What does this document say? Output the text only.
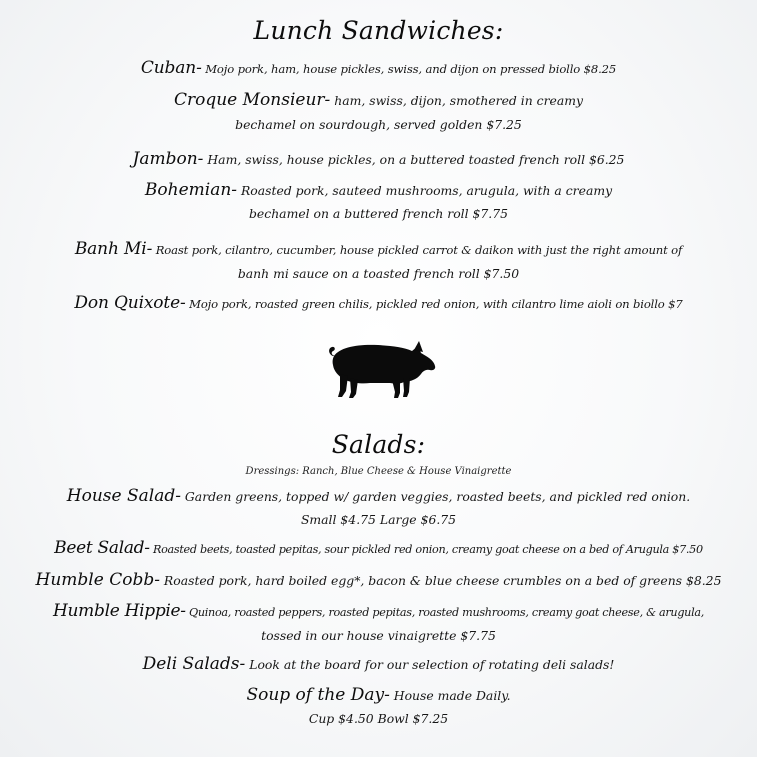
Lunch Sandwiches:
Cuban- Mojo pork, ham, house pickles, swiss, and dijon on pressed biollo $8.25
Croque Monsieur- ham, swiss, dijon, smothered in creamy
bechamel on sourdough, served golden $7.25
Jambon- Ham, swiss, house pickles, on a buttered toasted french roll $6.25
Bohemian- Roasted pork, sauteed mushrooms, arugula, with a creamy
bechamel on a buttered french roll $7.75
Banh Mi- Roast pork, cilantro, cucumber, house pickled carrot & daikon with just the right amount of
banh mi sauce on a toasted french roll $7.50
Don Quixote- Mojo pork, roasted green chilis, pickled red onion, with cilantro lime aioli on biollo $7
Salads:
Dressings: Ranch, Blue Cheese & House Vinaigrette
House Salad- Garden greens, topped w/ garden veggies, roasted beets, and pickled red onion.
Small $4.75 Large $6.75
Beet Salad- Roasted beets, toasted pepitas, sour pickled red onion, creamy goat cheese on a bed of Arugula $7.50
Humble Cobb- Roasted pork, hard boiled egg*, bacon & blue cheese crumbles on a bed of greens $8.25
Humble Hippie- Quinoa, roasted peppers, roasted pepitas, roasted mushrooms, creamy goat cheese, & arugula,
tossed in our house vinaigrette $7.75
Deli Salads- Look at the board for our selection of rotating deli salads!
Soup of the Day- House made Daily.
Cup $4.50 Bowl $7.25
